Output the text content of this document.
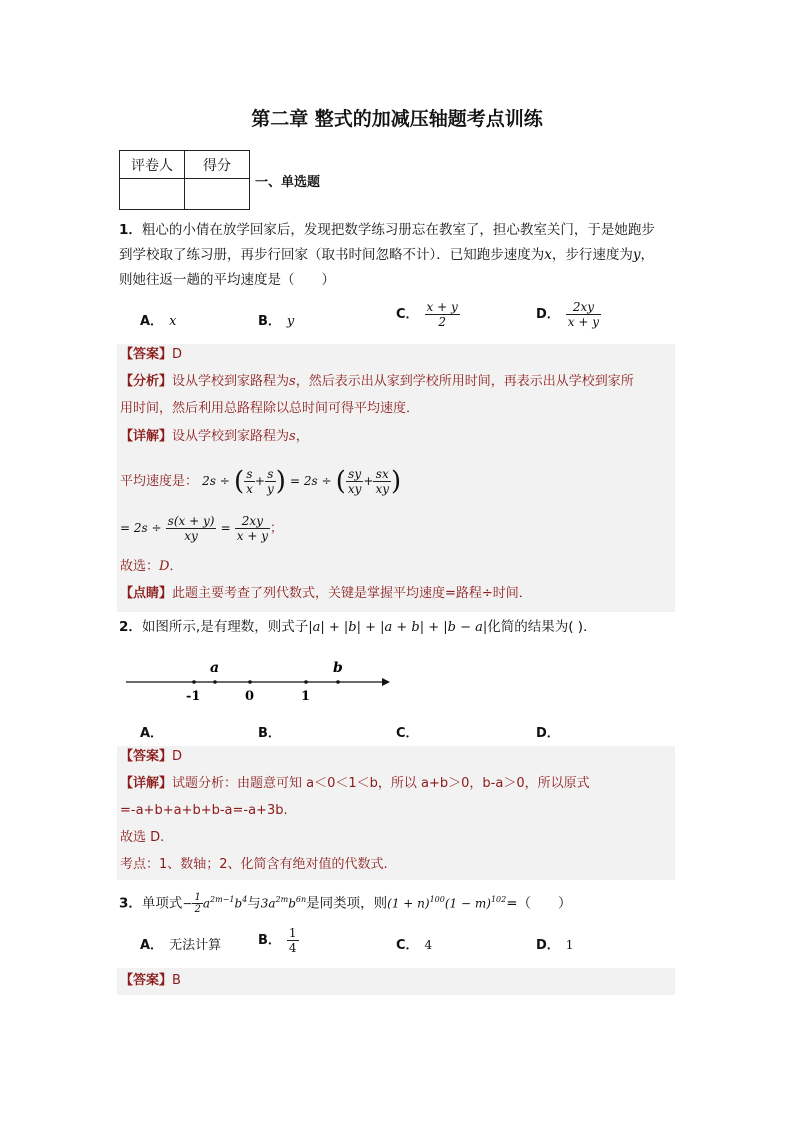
第二章 整式的加减压轴题考点训练
评卷人	得分

一、单选题
1．粗心的小倩在放学回家后，发现把数学练习册忘在教室了，担心教室关门，于是她跑步
到学校取了练习册，再步行回家（取书时间忽略不计）．已知跑步速度为x，步行速度为y，
则她往返一趟的平均速度是（　　）
A． x	B． y	C． $\frac{x + y}{2}$	D． $\frac{2xy}{x + y}$
【答案】D
【分析】设从学校到家路程为s，然后表示出从家到学校所用时间，再表示出从学校到家所
用时间，然后利用总路程除以总时间可得平均速度．
【详解】设从学校到家路程为s，
平均速度是： 2s ÷ ( $\frac{s}{x} + \frac{s}{y}$ ) = 2s ÷ ( $\frac{sy}{xy} + \frac{sx}{xy}$ )
= $2s \div \frac{s(x + y)}{xy} = \frac{2xy}{x + y}$ ；
故选：D．
【点睛】此题主要考查了列代数式，关键是掌握平均速度=路程÷时间．
2．如图所示,是有理数，则式子|a| + |b| + |a + b| + |b − a|化简的结果为( )．
a	b
-1	0	1
A．	B．	C．	D．
【答案】D
【详解】试题分析：由题意可知 a＜0＜1＜b，所以 a+b＞0，b-a＞0，所以原式
=-a+b+a+b+b-a=-a+3b.
故选 D.
考点：1、数轴；2、化简含有绝对值的代数式.
3．单项式− $\frac{1}{2} a^{2m-1}b^4$与$3a^{2m}b^{6n}$是同类项，则$(1 + n)^{100}(1 - m)^{102}=$（　　）
A． 无法计算	B． $\frac{1}{4}$	C． 4	D． 1
【答案】B
